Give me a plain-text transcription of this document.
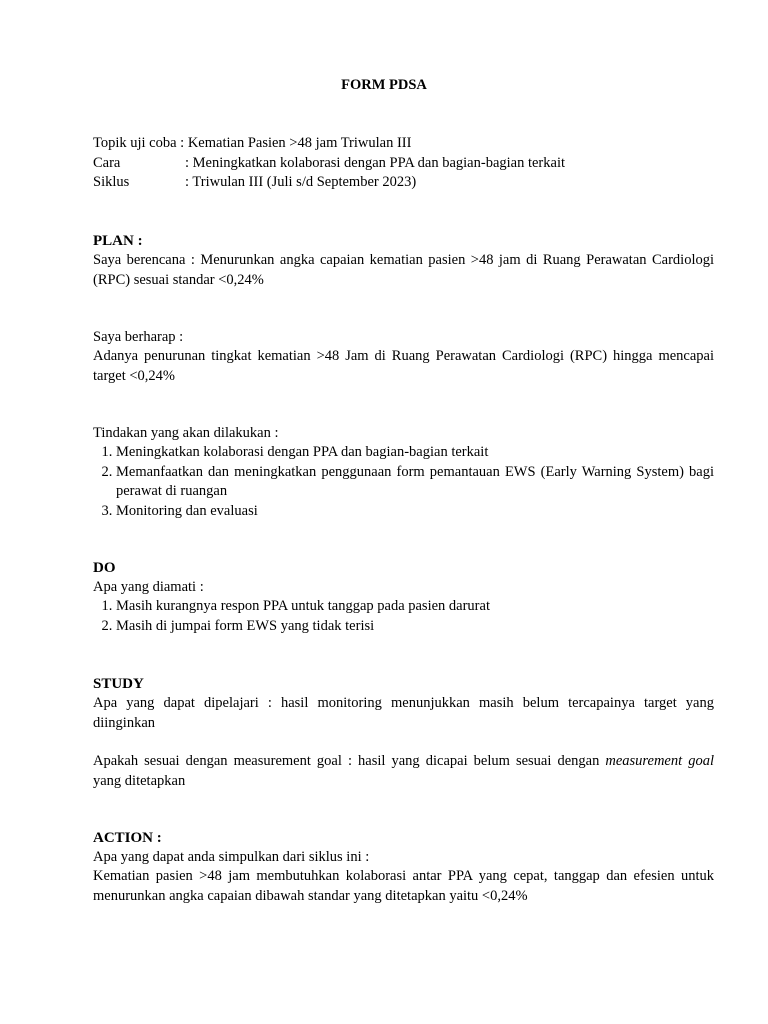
FORM PDSA
Topik uji coba : Kematian Pasien >48 jam Triwulan III
Cara	: Meningkatkan kolaborasi dengan PPA dan bagian-bagian terkait
Siklus	: Triwulan III (Juli s/d September 2023)
PLAN :
Saya berencana : Menurunkan angka capaian kematian pasien >48 jam di Ruang Perawatan Cardiologi (RPC) sesuai standar <0,24%
Saya berharap :
Adanya penurunan tingkat kematian >48 Jam di Ruang Perawatan Cardiologi (RPC) hingga mencapai target <0,24%
Tindakan yang akan dilakukan :
1. Meningkatkan kolaborasi dengan PPA dan bagian-bagian terkait
2. Memanfaatkan dan meningkatkan penggunaan form pemantauan EWS (Early Warning System) bagi perawat di ruangan
3. Monitoring dan evaluasi
DO
Apa yang diamati :
1. Masih kurangnya respon PPA untuk tanggap pada pasien darurat
2. Masih di jumpai form EWS yang tidak terisi
STUDY
Apa yang dapat dipelajari : hasil monitoring menunjukkan masih belum tercapainya target yang diinginkan
Apakah sesuai dengan measurement goal : hasil yang dicapai belum sesuai dengan measurement goal yang ditetapkan
ACTION :
Apa yang dapat anda simpulkan dari siklus ini :
Kematian pasien >48 jam membutuhkan kolaborasi antar PPA yang cepat, tanggap dan efesien untuk menurunkan angka capaian dibawah standar yang ditetapkan yaitu <0,24%
